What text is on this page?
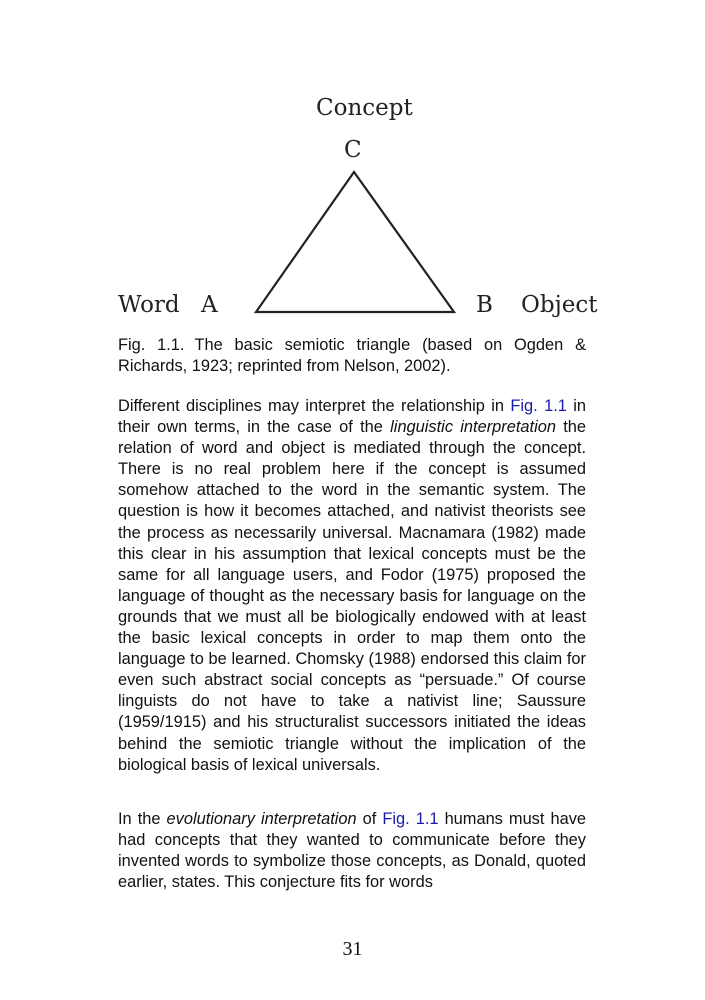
Concept
C
Word A	B Object

Fig. 1.1. The basic semiotic triangle (based on Ogden & Richards, 1923; reprinted from Nelson, 2002).

Different disciplines may interpret the relationship in Fig. 1.1 in their own terms, in the case of the linguistic interpretation the relation of word and object is mediated through the concept. There is no real problem here if the concept is assumed somehow attached to the word in the semantic system. The question is how it becomes attached, and nativist theorists see the process as necessarily universal. Macnamara (1982) made this clear in his assumption that lexical concepts must be the same for all language users, and Fodor (1975) proposed the language of thought as the necessary basis for language on the grounds that we must all be biologically endowed with at least the basic lexical concepts in order to map them onto the language to be learned. Chomsky (1988) endorsed this claim for even such abstract social concepts as “persuade.” Of course linguists do not have to take a nativist line; Saussure (1959/1915) and his structuralist successors initiated the ideas behind the semiotic triangle without the implication of the biological basis of lexical universals.

In the evolutionary interpretation of Fig. 1.1 humans must have had concepts that they wanted to communicate before they invented words to symbolize those concepts, as Donald, quoted earlier, states. This conjecture fits for words

31
